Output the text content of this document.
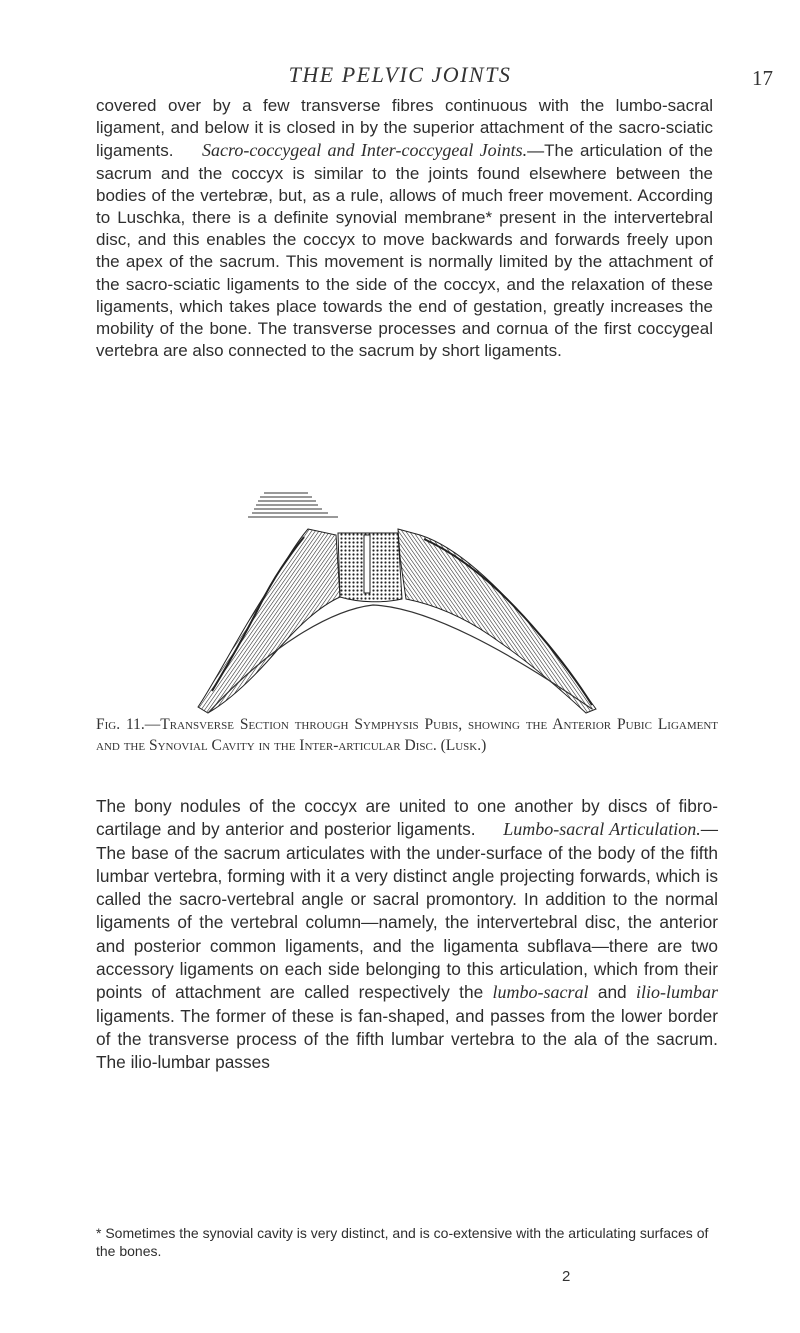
THE PELVIC JOINTS	17

covered over by a few transverse fibres continuous with the lumbo-sacral ligament, and below it is closed in by the superior attachment of the sacro-sciatic ligaments. Sacro-coccygeal and Inter-coccygeal Joints.—The articulation of the sacrum and the coccyx is similar to the joints found elsewhere between the bodies of the vertebræ, but, as a rule, allows of much freer movement. According to Luschka, there is a definite synovial membrane* present in the intervertebral disc, and this enables the coccyx to move backwards and forwards freely upon the apex of the sacrum. This movement is normally limited by the attachment of the sacro-sciatic ligaments to the side of the coccyx, and the relaxation of these ligaments, which takes place towards the end of gestation, greatly increases the mobility of the bone. The transverse processes and cornua of the first coccygeal vertebra are also connected to the sacrum by short ligaments.

Fig. 11.—Transverse Section through Symphysis Pubis, showing the Anterior Pubic Ligament and the Synovial Cavity in the Inter-articular Disc. (Lusk.)

The bony nodules of the coccyx are united to one another by discs of fibro-cartilage and by anterior and posterior ligaments. Lumbo-sacral Articulation.—The base of the sacrum articulates with the under-surface of the body of the fifth lumbar vertebra, forming with it a very distinct angle projecting forwards, which is called the sacro-vertebral angle or sacral promontory. In addition to the normal ligaments of the vertebral column—namely, the intervertebral disc, the anterior and posterior common ligaments, and the ligamenta subflava—there are two accessory ligaments on each side belonging to this articulation, which from their points of attachment are called respectively the lumbo-sacral and ilio-lumbar ligaments. The former of these is fan-shaped, and passes from the lower border of the transverse process of the fifth lumbar vertebra to the ala of the sacrum. The ilio-lumbar passes

* Sometimes the synovial cavity is very distinct, and is co-extensive with the articulating surfaces of the bones.

2
